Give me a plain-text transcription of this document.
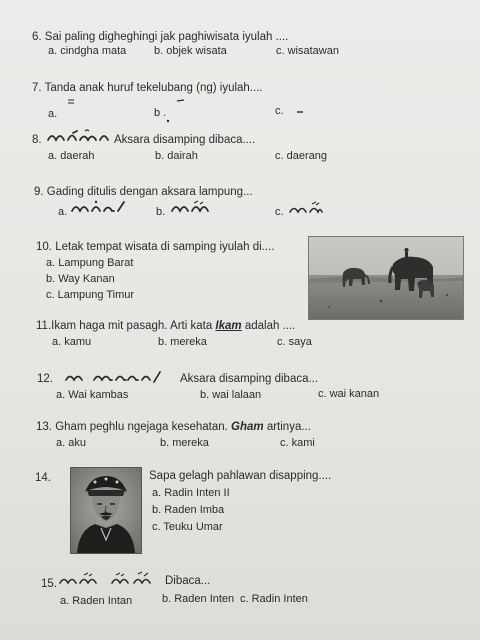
6. Sai paling digheghingi jak paghiwisata iyulah ....
a. cindgha mata	b. objek wisata	c. wisatawan
7. Tanda anak huruf tekelubang (ng) iyulah....
a.	b .	c.
8.	Aksara disamping dibaca....
a. daerah	b. dairah	c. daerang
9. Gading ditulis dengan aksara lampung...
a.	b.	c.
10. Letak tempat wisata di samping iyulah di....
a. Lampung Barat
b. Way Kanan
c. Lampung Timur
11.Ikam haga mit pasagh. Arti kata Ikam adalah ....
a. kamu	b. mereka	c. saya
12.	Aksara disamping dibaca...
a. Wai kambas	b. wai lalaan	c. wai kanan
13. Gham peghlu ngejaga kesehatan. Gham artinya...
a. aku	b. mereka	c. kami
14.	Sapa gelagh pahlawan disapping....
a. Radin Inten II
b. Raden Imba
c. Teuku Umar
15.	Dibaca...
a. Raden Intan	b. Raden Inten c. Radin Inten
